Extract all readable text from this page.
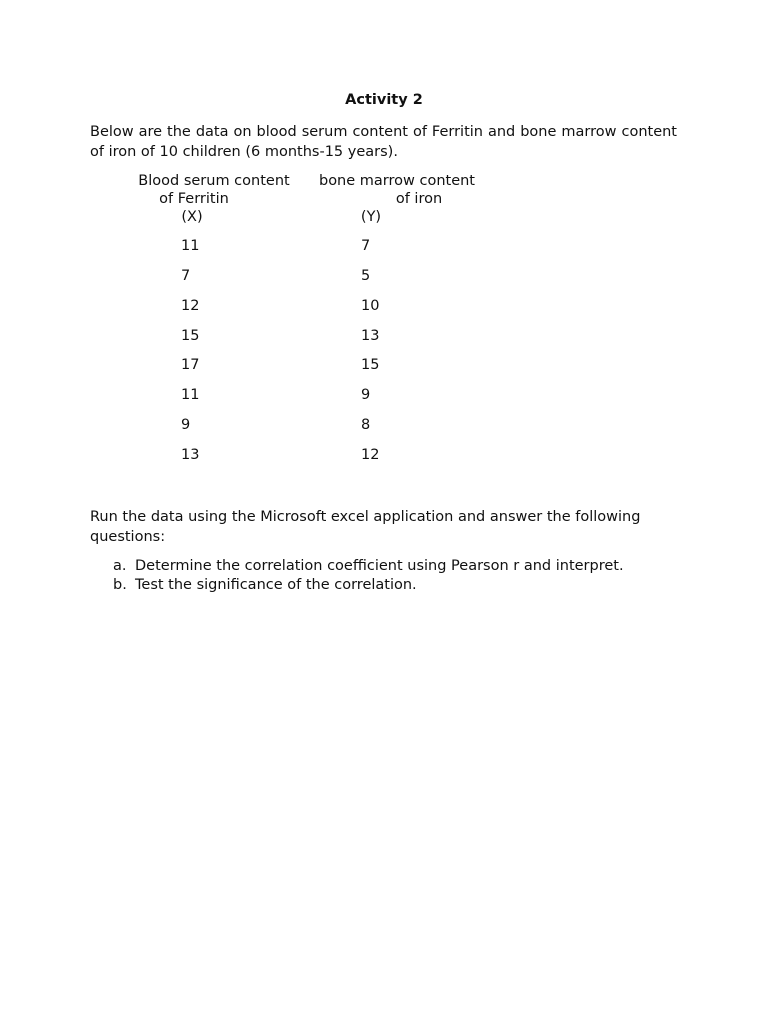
Activity 2
Below are the data on blood serum content of Ferritin and bone marrow content of iron of 10 children (6 months-15 years).
Blood serum content
of Ferritin
(X)
bone marrow content
of iron
(Y)
11	7
7	5
12	10
15	13
17	15
11	9
9	8
13	12
Run the data using the Microsoft excel application and answer the following questions:
a. Determine the correlation coefficient using Pearson r and interpret.
b. Test the significance of the correlation.
